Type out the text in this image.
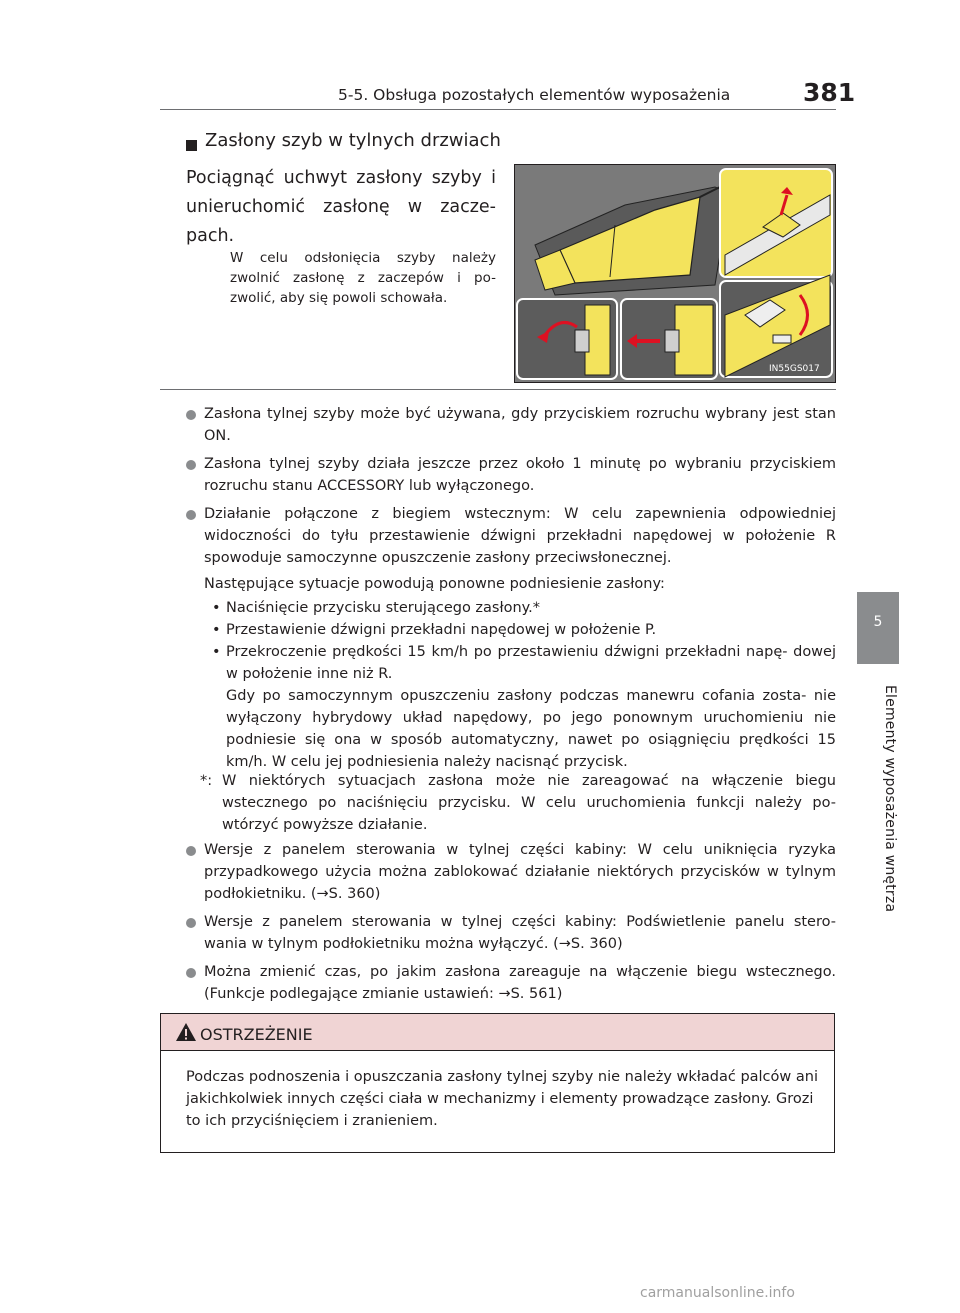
5-5. Obsługa pozostałych elementów wyposażenia	381
5
Elementy wyposażenia wnętrza
Zasłony szyb w tylnych drzwiach

Pociągnąć uchwyt zasłony szyby i unieruchomić zasłonę w zacze- pach.

W celu odsłonięcia szyby należy zwolnić zasłonę z zaczepów i po- zwolić, aby się powoli schowała.

IN55GS017

Zasłona tylnej szyby może być używana, gdy przyciskiem rozruchu wybrany jest stan ON.

Zasłona tylnej szyby działa jeszcze przez około 1 minutę po wybraniu przyciskiem rozruchu stanu ACCESSORY lub wyłączonego.

Działanie połączone z biegiem wstecznym: W celu zapewnienia odpowiedniej widoczności do tyłu przestawienie dźwigni przekładni napędowej w położenie R spowoduje samoczynne opuszczenie zasłony przeciwsłonecznej.

Następujące sytuacje powodują ponowne podniesienie zasłony:

• Naciśnięcie przycisku sterującego zasłony.*
• Przestawienie dźwigni przekładni napędowej w położenie P.
• Przekroczenie prędkości 15 km/h po przestawieniu dźwigni przekładni napę- dowej w położenie inne niż R.

Gdy po samoczynnym opuszczeniu zasłony podczas manewru cofania zosta- nie wyłączony hybrydowy układ napędowy, po jego ponownym uruchomieniu nie podniesie się ona w sposób automatyczny, nawet po osiągnięciu prędkości 15 km/h. W celu jej podniesienia należy nacisnąć przycisk.

*: W niektórych sytuacjach zasłona może nie zareagować na włączenie biegu wstecznego po naciśnięciu przycisku. W celu uruchomienia funkcji należy po- wtórzyć powyższe działanie.

Wersje z panelem sterowania w tylnej części kabiny: W celu uniknięcia ryzyka przypadkowego użycia można zablokować działanie niektórych przycisków w tylnym podłokietniku. (→S. 360)

Wersje z panelem sterowania w tylnej części kabiny: Podświetlenie panelu stero- wania w tylnym podłokietniku można wyłączyć. (→S. 360)

Można zmienić czas, po jakim zasłona zareaguje na włączenie biegu wstecznego. (Funkcje podlegające zmianie ustawień: →S. 561)

OSTRZEŻENIE

Podczas podnoszenia i opuszczania zasłony tylnej szyby nie należy wkładać palców ani jakichkolwiek innych części ciała w mechanizmy i elementy prowadzące zasłony. Grozi to ich przyciśnięciem i zranieniem.

carmanualsonline.info
